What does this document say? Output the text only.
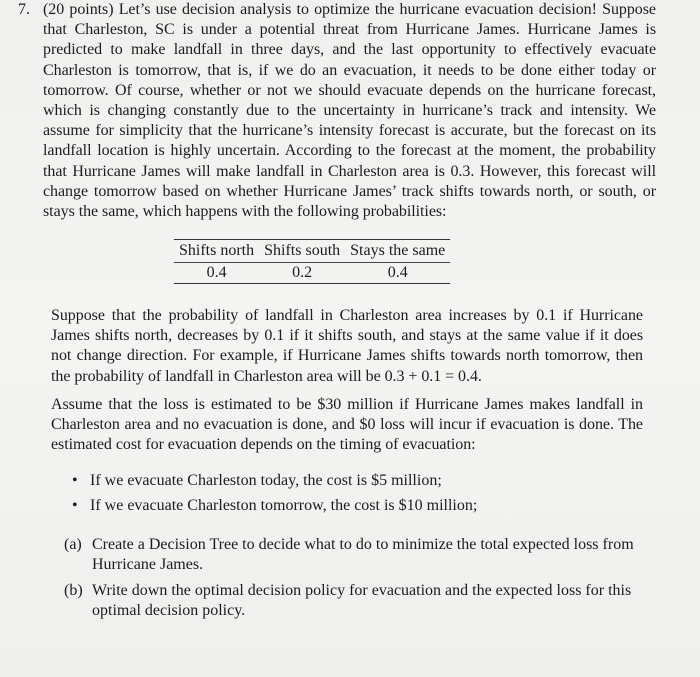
7. (20 points) Let’s use decision analysis to optimize the hurricane evacuation decision! Suppose that Charleston, SC is under a potential threat from Hurricane James. Hurricane James is predicted to make landfall in three days, and the last opportunity to effectively evacuate Charleston is tomorrow, that is, if we do an evacuation, it needs to be done either today or tomorrow. Of course, whether or not we should evacuate depends on the hurricane forecast, which is changing constantly due to the uncertainty in hurricane’s track and intensity. We assume for simplicity that the hurricane’s intensity forecast is accurate, but the forecast on its landfall location is highly uncertain. According to the forecast at the moment, the probability that Hurricane James will make landfall in Charleston area is 0.3. However, this forecast will change tomorrow based on whether Hurricane James’ track shifts towards north, or south, or stays the same, which happens with the following probabilities:

Shifts north	Shifts south	Stays the same
0.4	0.2	0.4

Suppose that the probability of landfall in Charleston area increases by 0.1 if Hurricane James shifts north, decreases by 0.1 if it shifts south, and stays at the same value if it does not change direction. For example, if Hurricane James shifts towards north tomorrow, then the probability of landfall in Charleston area will be 0.3 + 0.1 = 0.4.

Assume that the loss is estimated to be $30 million if Hurricane James makes landfall in Charleston area and no evacuation is done, and $0 loss will incur if evacuation is done. The estimated cost for evacuation depends on the timing of evacuation:

• If we evacuate Charleston today, the cost is $5 million;
• If we evacuate Charleston tomorrow, the cost is $10 million;
(a) Create a Decision Tree to decide what to do to minimize the total expected loss from Hurricane James.
(b) Write down the optimal decision policy for evacuation and the expected loss for this optimal decision policy.
